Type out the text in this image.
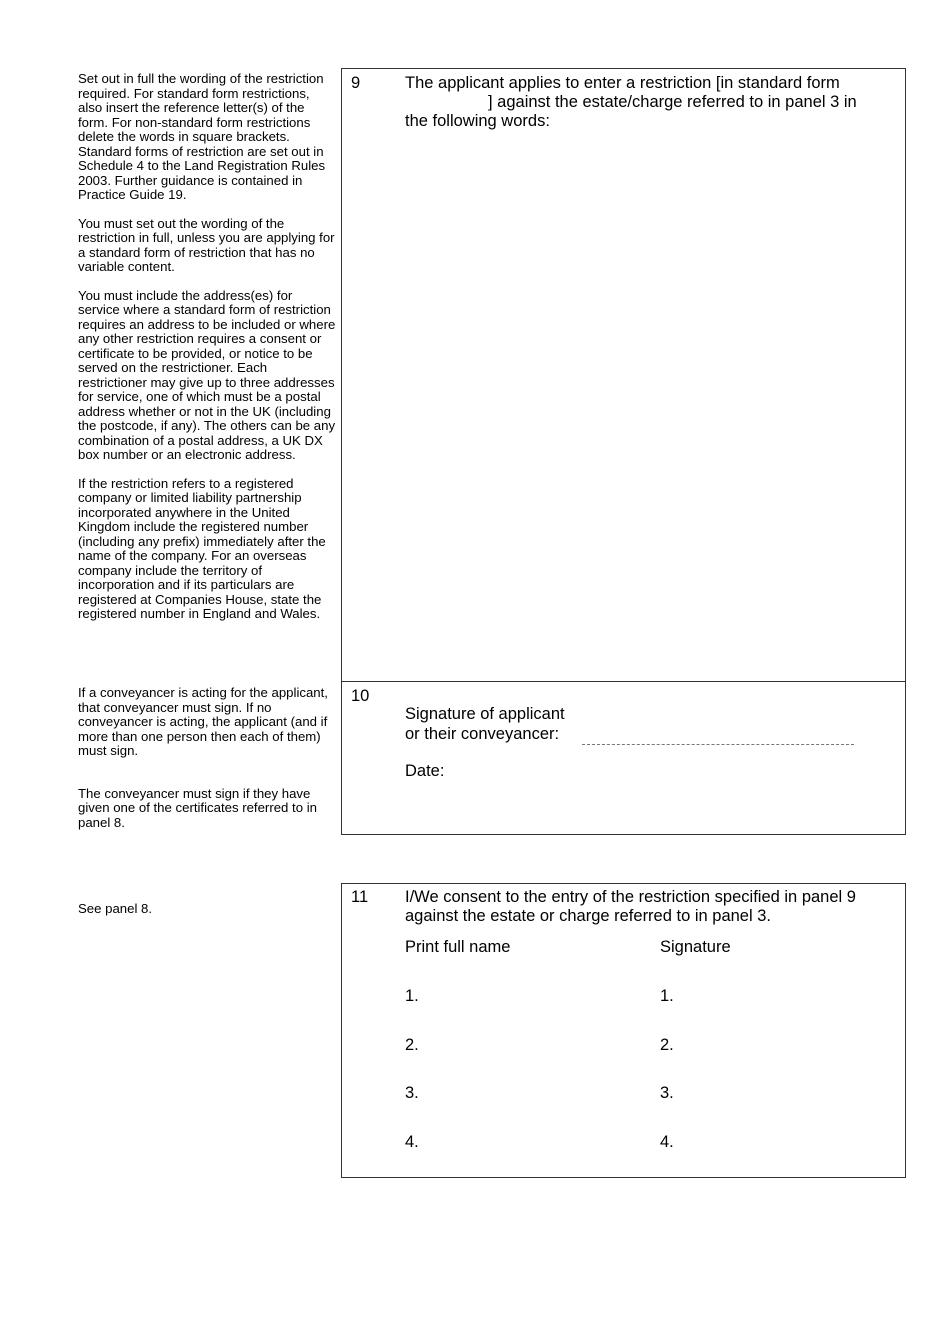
Set out in full the wording of the restriction required. For standard form restrictions, also insert the reference letter(s) of the form. For non-standard form restrictions delete the words in square brackets. Standard forms of restriction are set out in Schedule 4 to the Land Registration Rules 2003. Further guidance is contained in Practice Guide 19.

You must set out the wording of the restriction in full, unless you are applying for a standard form of restriction that has no variable content.

You must include the address(es) for service where a standard form of restriction requires an address to be included or where any other restriction requires a consent or certificate to be provided, or notice to be served on the restrictioner. Each restrictioner may give up to three addresses for service, one of which must be a postal address whether or not in the UK (including the postcode, if any). The others can be any combination of a postal address, a UK DX box number or an electronic address.

If the restriction refers to a registered company or limited liability partnership incorporated anywhere in the United Kingdom include the registered number (including any prefix) immediately after the name of the company. For an overseas company include the territory of incorporation and if its particulars are registered at Companies House, state the registered number in England and Wales.

If a conveyancer is acting for the applicant, that conveyancer must sign. If no conveyancer is acting, the applicant (and if more than one person then each of them) must sign.

The conveyancer must sign if they have given one of the certificates referred to in panel 8.

See panel 8.

9	The applicant applies to enter a restriction [in standard form
] against the estate/charge referred to in panel 3 in
the following words:
10
Signature of applicant
or their conveyancer:
Date:
11 I/We consent to the entry of the restriction specified in panel 9
against the estate or charge referred to in panel 3.
Print full name	Signature
1.	1.
2.	2.
3.	3.
4.	4.
